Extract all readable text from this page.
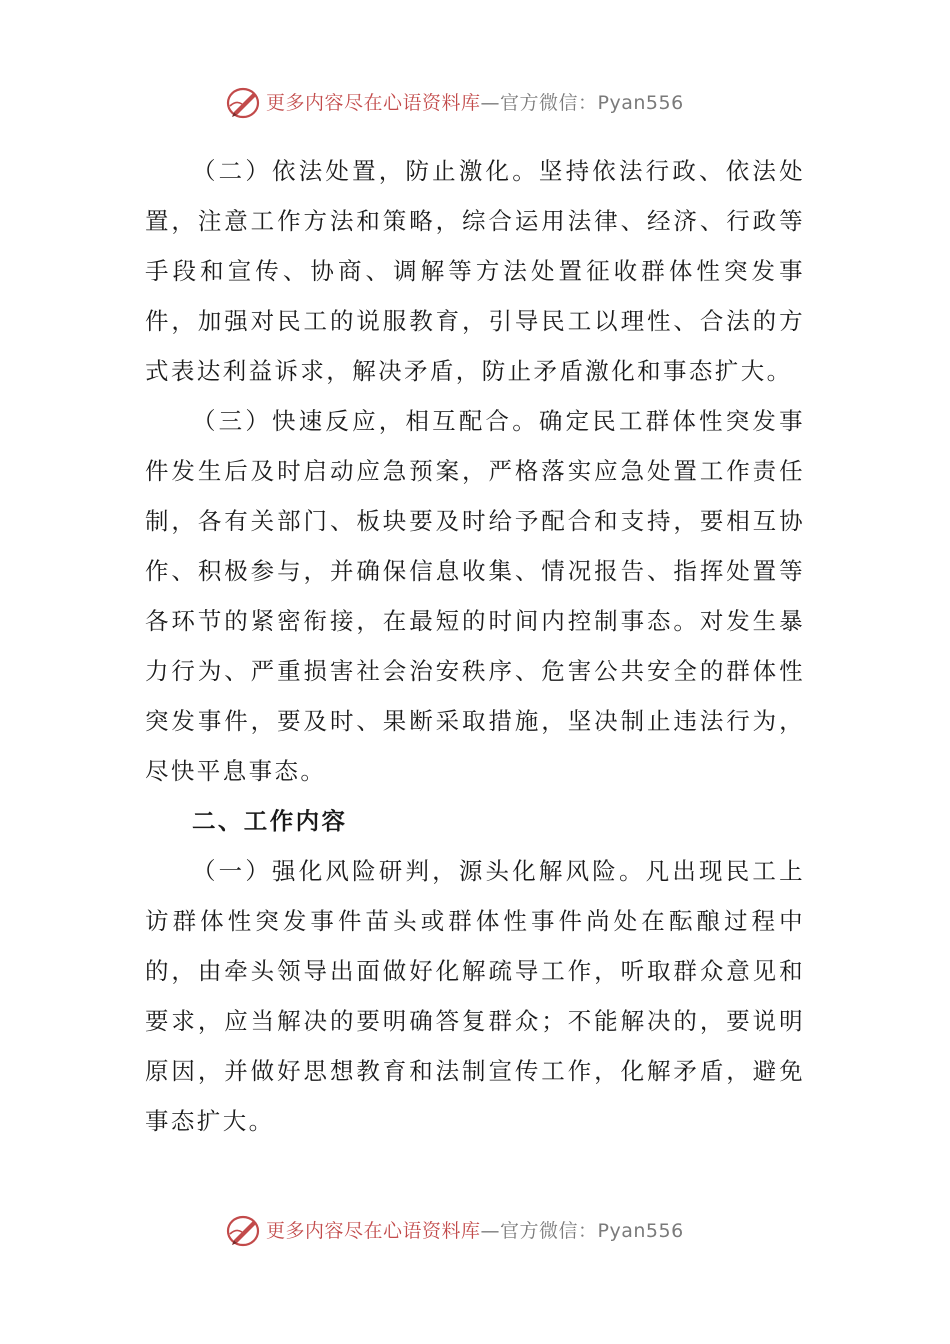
更多内容尽在心语资料库—官方微信：Pyan556

（二）依法处置，防止激化。坚持依法行政、依法处置，注意工作方法和策略，综合运用法律、经济、行政等手段和宣传、协商、调解等方法处置征收群体性突发事件，加强对民工的说服教育，引导民工以理性、合法的方式表达利益诉求，解决矛盾，防止矛盾激化和事态扩大。

（三）快速反应，相互配合。确定民工群体性突发事件发生后及时启动应急预案，严格落实应急处置工作责任制，各有关部门、板块要及时给予配合和支持，要相互协作、积极参与，并确保信息收集、情况报告、指挥处置等各环节的紧密衔接，在最短的时间内控制事态。对发生暴力行为、严重损害社会治安秩序、危害公共安全的群体性突发事件，要及时、果断采取措施，坚决制止违法行为，尽快平息事态。

二、工作内容

（一）强化风险研判，源头化解风险。凡出现民工上访群体性突发事件苗头或群体性事件尚处在酝酿过程中的，由牵头领导出面做好化解疏导工作，听取群众意见和要求，应当解决的要明确答复群众；不能解决的，要说明原因，并做好思想教育和法制宣传工作，化解矛盾，避免事态扩大。

更多内容尽在心语资料库—官方微信：Pyan556
